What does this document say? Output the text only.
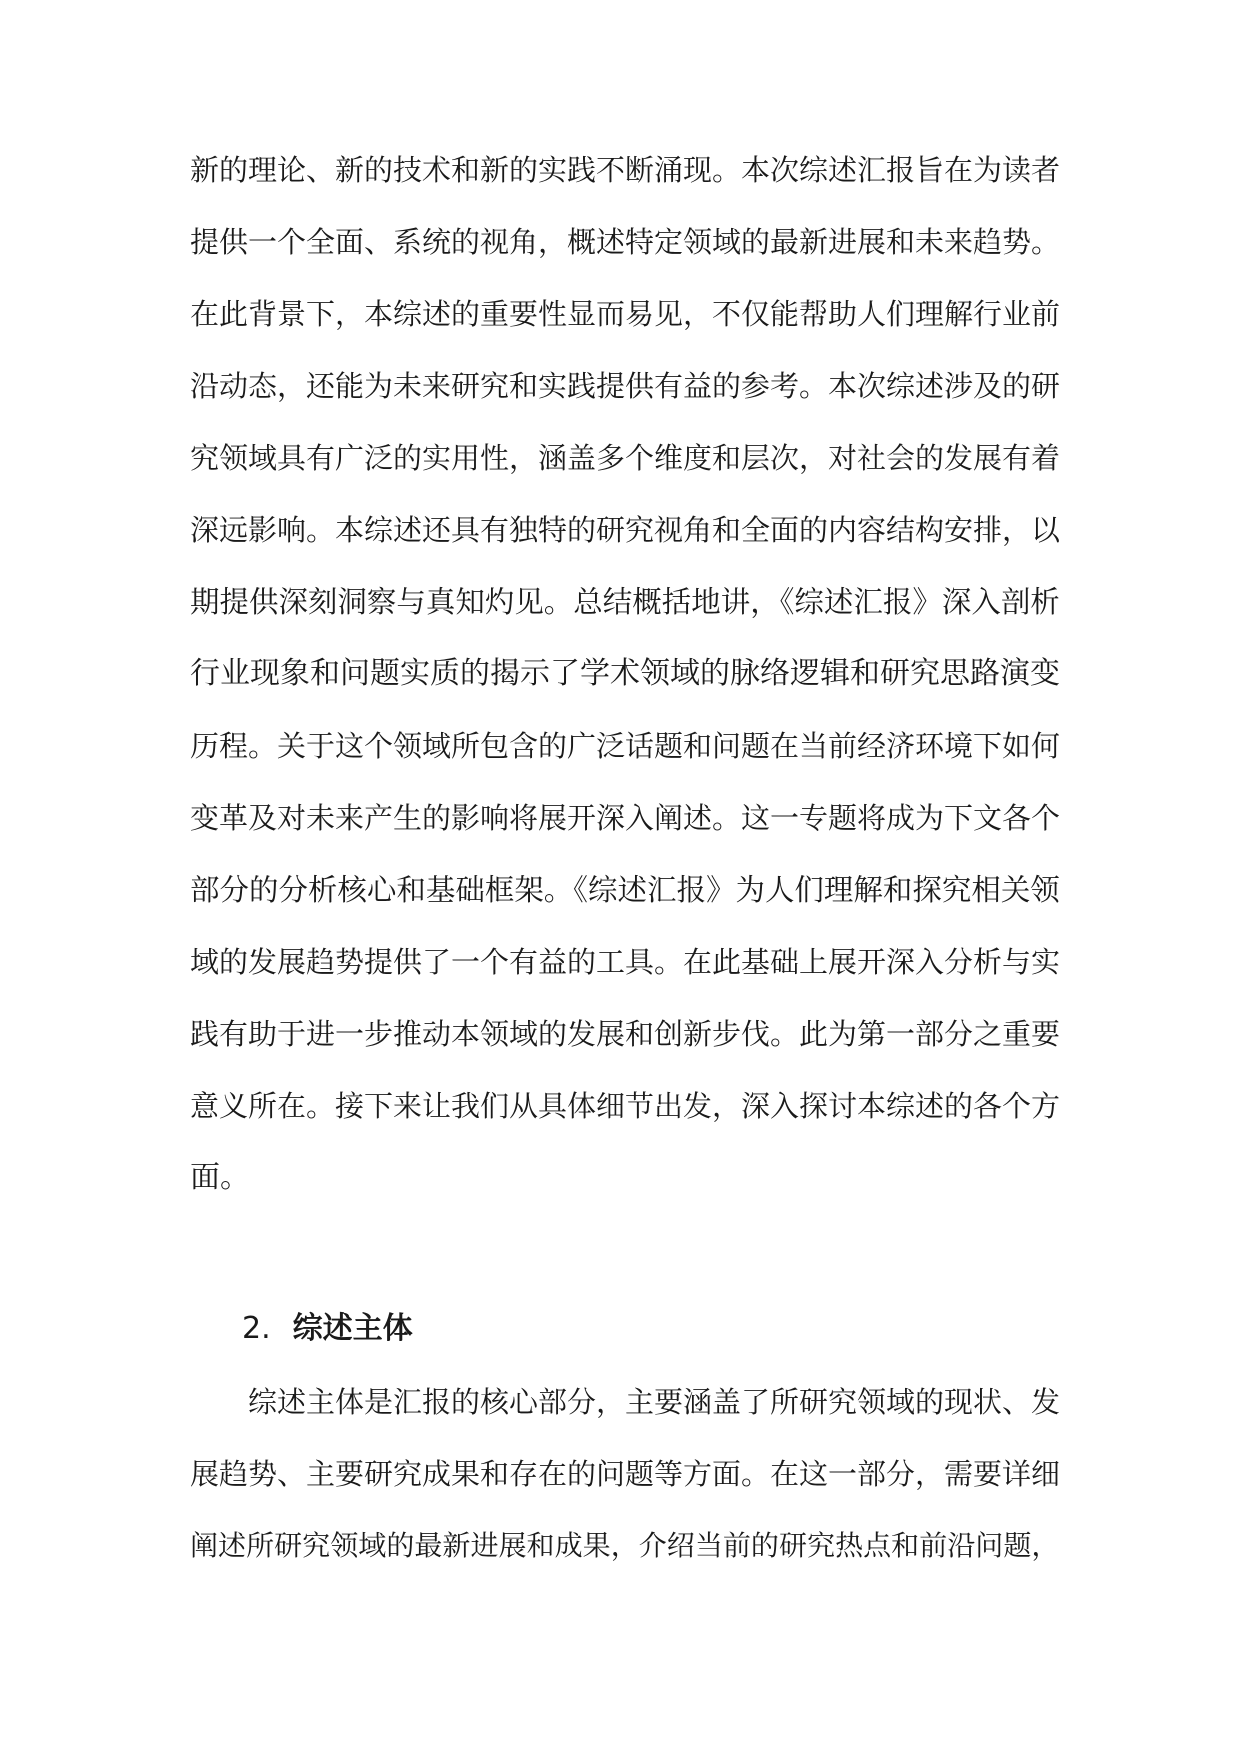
新的理论、新的技术和新的实践不断涌现。本次综述汇报旨在为读者
提供一个全面、系统的视角，概述特定领域的最新进展和未来趋势。
在此背景下，本综述的重要性显而易见，不仅能帮助人们理解行业前
沿动态，还能为未来研究和实践提供有益的参考。本次综述涉及的研
究领域具有广泛的实用性，涵盖多个维度和层次，对社会的发展有着
深远影响。本综述还具有独特的研究视角和全面的内容结构安排，以
期提供深刻洞察与真知灼见。总结概括地讲，《综述汇报》深入剖析
行业现象和问题实质的揭示了学术领域的脉络逻辑和研究思路演变
历程。关于这个领域所包含的广泛话题和问题在当前经济环境下如何
变革及对未来产生的影响将展开深入阐述。这一专题将成为下文各个
部分的分析核心和基础框架。《综述汇报》为人们理解和探究相关领
域的发展趋势提供了一个有益的工具。在此基础上展开深入分析与实
践有助于进一步推动本领域的发展和创新步伐。此为第一部分之重要
意义所在。接下来让我们从具体细节出发，深入探讨本综述的各个方
面。
2. 综述主体
综述主体是汇报的核心部分，主要涵盖了所研究领域的现状、发
展趋势、主要研究成果和存在的问题等方面。在这一部分，需要详细
阐述所研究领域的最新进展和成果，介绍当前的研究热点和前沿问题，
